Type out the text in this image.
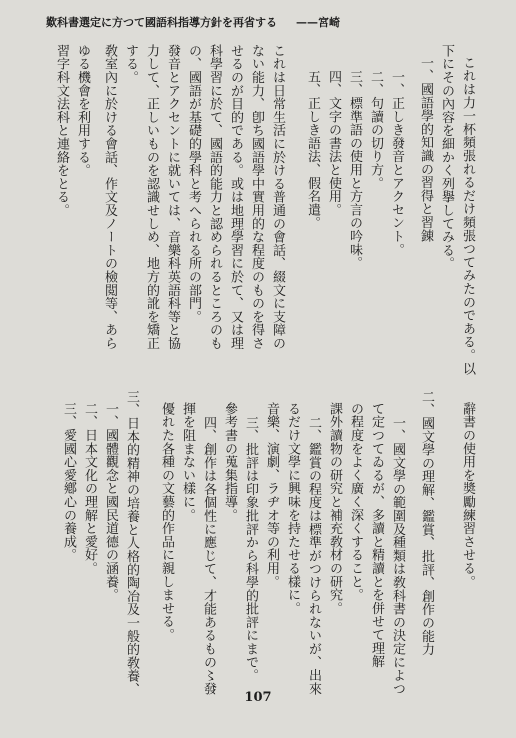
歎科書選定に方つて國語科指導方針を再省する ——宮崎

これは力一杯頻張れるだけ頻張つてみたのである。以

下にその內容を細かく列擧してみる。

一、國語學的知識の習得と習錬

一、正しき發音とアクセント。

二、句讀の切り方。

三、標準語の使用と方言の吟味。

四、文字の書法と使用。

五、正しき語法、假名遣。

これは日常生活に於ける普通の會話、綴文に支障の

ない能力、卽ち國語學中實用的な程度のものを得さ

せるのが目的である。或は地理學習に於て、又は理

科學習に於て、國語的能力と認められるところのも

の、國語が基礎的學科と考へられる所の部門。

發音とアクセントに就いては、音樂科英語科等と協

力して、正しいものを認識せしめ、地方的訛を矯正

する。

敎室內に於ける會話、作文及ノートの檢閲等、あら

ゆる機會を利用する。

習字科文法科と連絡をとる。

辭書の使用を奬勵練習させる。

二、國文學の理解、鑑賞、批評、創作の能力

一、國文學の範圍及種類は敎科書の決定によつ

て定つてゐるが、多讀と精讀とを併せて理解

の程度をよく廣く深くすること。

課外讀物の研究と補充敎材の研究。

二、鑑賞の程度は標準がつけられないが、出來

るだけ文學に興味を持たせる樣に。

音樂、演劇、ラヂオ等の利用。

三、批評は印象批評から科學的批評にまで。

參考書の蒐集指導。

四、創作は各個性に應じて、才能あるもの〻發

揮を阻まない樣に。

優れた各種の文藝的作品に親しませる。

三、日本的精神の培養と人格的陶冶及一般的敎養、

一、國體觀念と國民道德の涵養。

二、日本文化の理解と愛好。

三、愛國心愛鄕心の養成。

107
